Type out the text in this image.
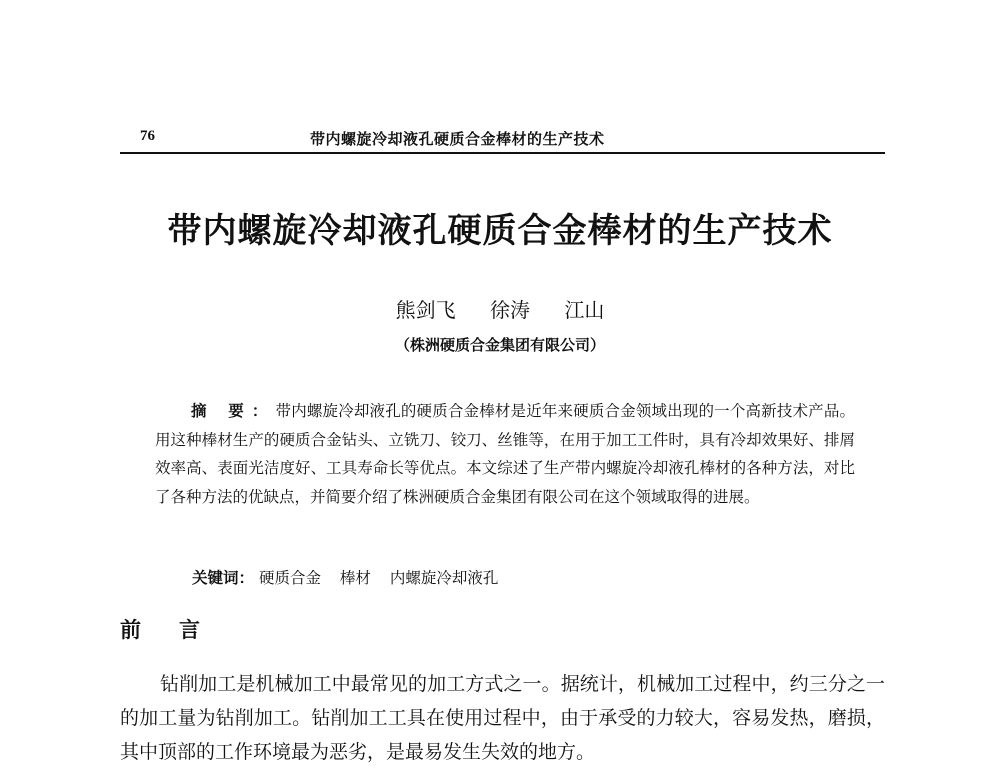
76	带内螺旋冷却液孔硬质合金棒材的生产技术
带内螺旋冷却液孔硬质合金棒材的生产技术
熊剑飞 徐涛 江山
（株洲硬质合金集团有限公司）
摘 要：带内螺旋冷却液孔的硬质合金棒材是近年来硬质合金领域出现的一个高新技术产品。用这种棒材生产的硬质合金钻头、立铣刀、铰刀、丝锥等，在用于加工工件时，具有冷却效果好、排屑效率高、表面光洁度好、工具寿命长等优点。本文综述了生产带内螺旋冷却液孔棒材的各种方法，对比了各种方法的优缺点，并简要介绍了株洲硬质合金集团有限公司在这个领域取得的进展。
关键词： 硬质合金 棒材 内螺旋冷却液孔
前言
钻削加工是机械加工中最常见的加工方式之一。据统计，机械加工过程中，约三分之一的加工量为钻削加工。钻削加工工具在使用过程中，由于承受的力较大，容易发热，磨损，其中顶部的工作环境最为恶劣，是最易发生失效的地方。
